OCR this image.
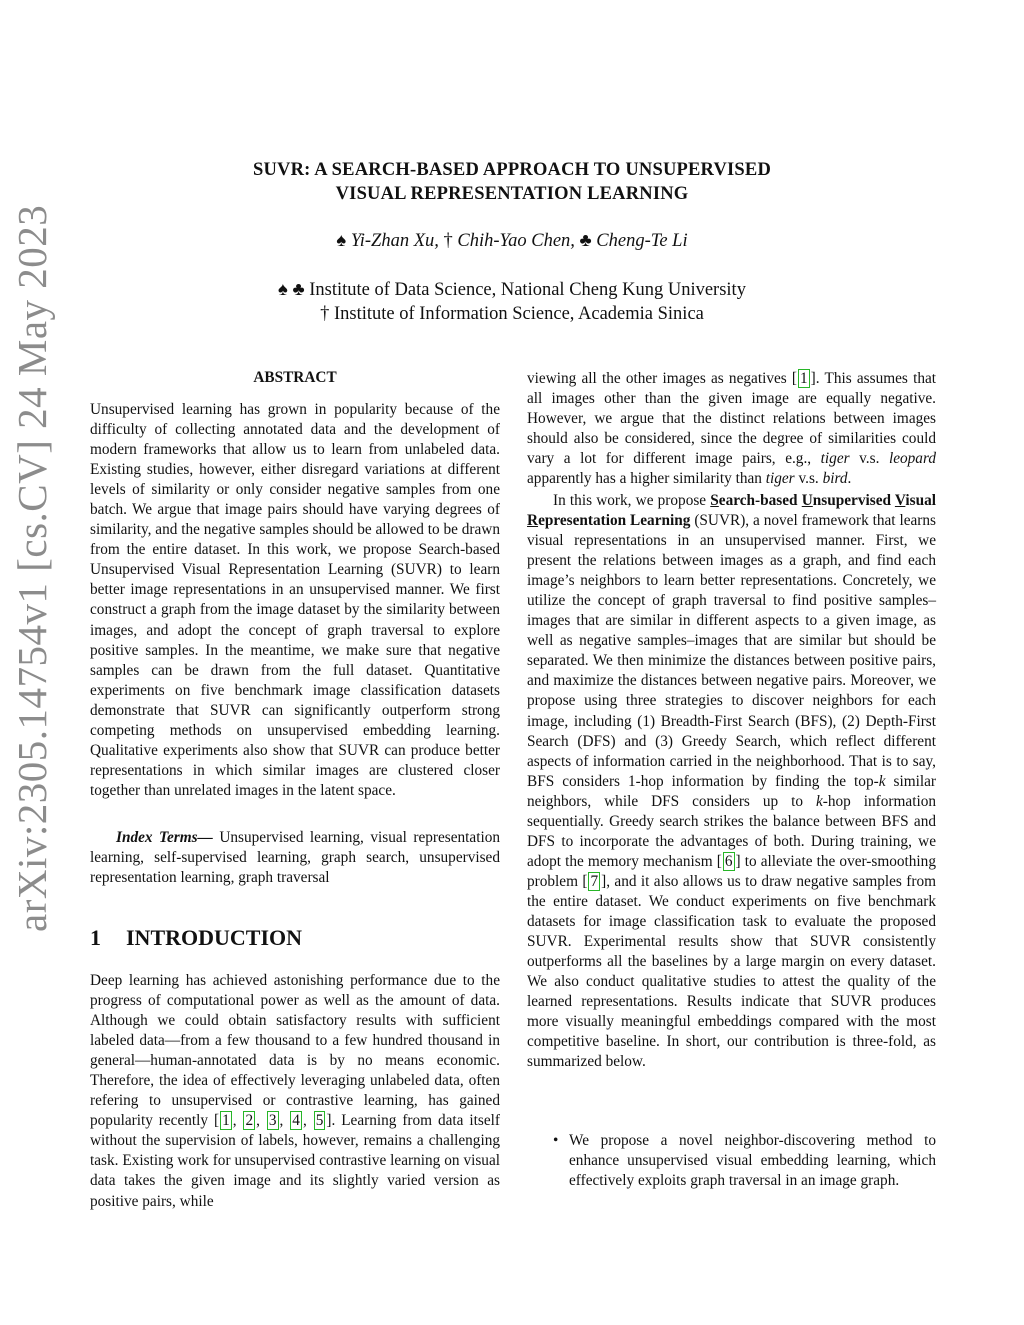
arXiv:2305.14754v1 [cs.CV] 24 May 2023
SUVR: A SEARCH-BASED APPROACH TO UNSUPERVISED
VISUAL REPRESENTATION LEARNING
♠ Yi-Zhan Xu, † Chih-Yao Chen, ♣ Cheng-Te Li
♠ ♣ Institute of Data Science, National Cheng Kung University
† Institute of Information Science, Academia Sinica
ABSTRACT
Unsupervised learning has grown in popularity because of the difficulty of collecting annotated data and the development of modern frameworks that allow us to learn from unlabeled data. Existing studies, however, either disregard variations at different levels of similarity or only consider negative samples from one batch. We argue that image pairs should have varying degrees of similarity, and the negative samples should be allowed to be drawn from the entire dataset. In this work, we propose Search-based Unsupervised Visual Representation Learning (SUVR) to learn better image representations in an unsupervised manner. We first construct a graph from the image dataset by the similarity between images, and adopt the concept of graph traversal to explore positive samples. In the meantime, we make sure that negative samples can be drawn from the full dataset. Quantitative experiments on five benchmark image classification datasets demonstrate that SUVR can significantly outperform strong competing methods on unsupervised embedding learning. Qualitative experiments also show that SUVR can produce better representations in which similar images are clustered closer together than unrelated images in the latent space.
Index Terms— Unsupervised learning, visual representation learning, self-supervised learning, graph search, unsupervised representation learning, graph traversal
1 INTRODUCTION
Deep learning has achieved astonishing performance due to the progress of computational power as well as the amount of data. Although we could obtain satisfactory results with sufficient labeled data—from a few thousand to a few hundred thousand in general—human-annotated data is by no means economic. Therefore, the idea of effectively leveraging unlabeled data, often refering to unsupervised or contrastive learning, has gained popularity recently [ 1 , 2 , 3 , 4 , 5 ]. Learning from data itself without the supervision of labels, however, remains a challenging task. Existing work for unsupervised contrastive learning on visual data takes the given image and its slightly varied version as positive pairs, while
viewing all the other images as negatives [ 1 ]. This assumes that all images other than the given image are equally negative. However, we argue that the distinct relations between images should also be considered, since the degree of similarities could vary a lot for different image pairs, e.g., tiger v.s. leopard apparently has a higher similarity than tiger v.s. bird.
In this work, we propose Search-based Unsupervised Visual Representation Learning (SUVR), a novel framework that learns visual representations in an unsupervised manner. First, we present the relations between images as a graph, and find each image’s neighbors to learn better representations. Concretely, we utilize the concept of graph traversal to find positive samples–images that are similar in different aspects to a given image, as well as negative samples–images that are similar but should be separated. We then minimize the distances between positive pairs, and maximize the distances between negative pairs. Moreover, we propose using three strategies to discover neighbors for each image, including (1) Breadth-First Search (BFS), (2) Depth-First Search (DFS) and (3) Greedy Search, which reflect different aspects of information carried in the neighborhood. That is to say, BFS considers 1-hop information by finding the top-k similar neighbors, while DFS considers up to k-hop information sequentially. Greedy search strikes the balance between BFS and DFS to incorporate the advantages of both. During training, we adopt the memory mechanism [ 6 ] to alleviate the over-smoothing problem [ 7 ], and it also allows us to draw negative samples from the entire dataset. We conduct experiments on five benchmark datasets for image classification task to evaluate the proposed SUVR. Experimental results show that SUVR consistently outperforms all the baselines by a large margin on every dataset. We also conduct qualitative studies to attest the quality of the learned representations. Results indicate that SUVR produces more visually meaningful embeddings compared with the most competitive baseline. In short, our contribution is three-fold, as summarized below.
• We propose a novel neighbor-discovering method to enhance unsupervised visual embedding learning, which effectively exploits graph traversal in an image graph.
